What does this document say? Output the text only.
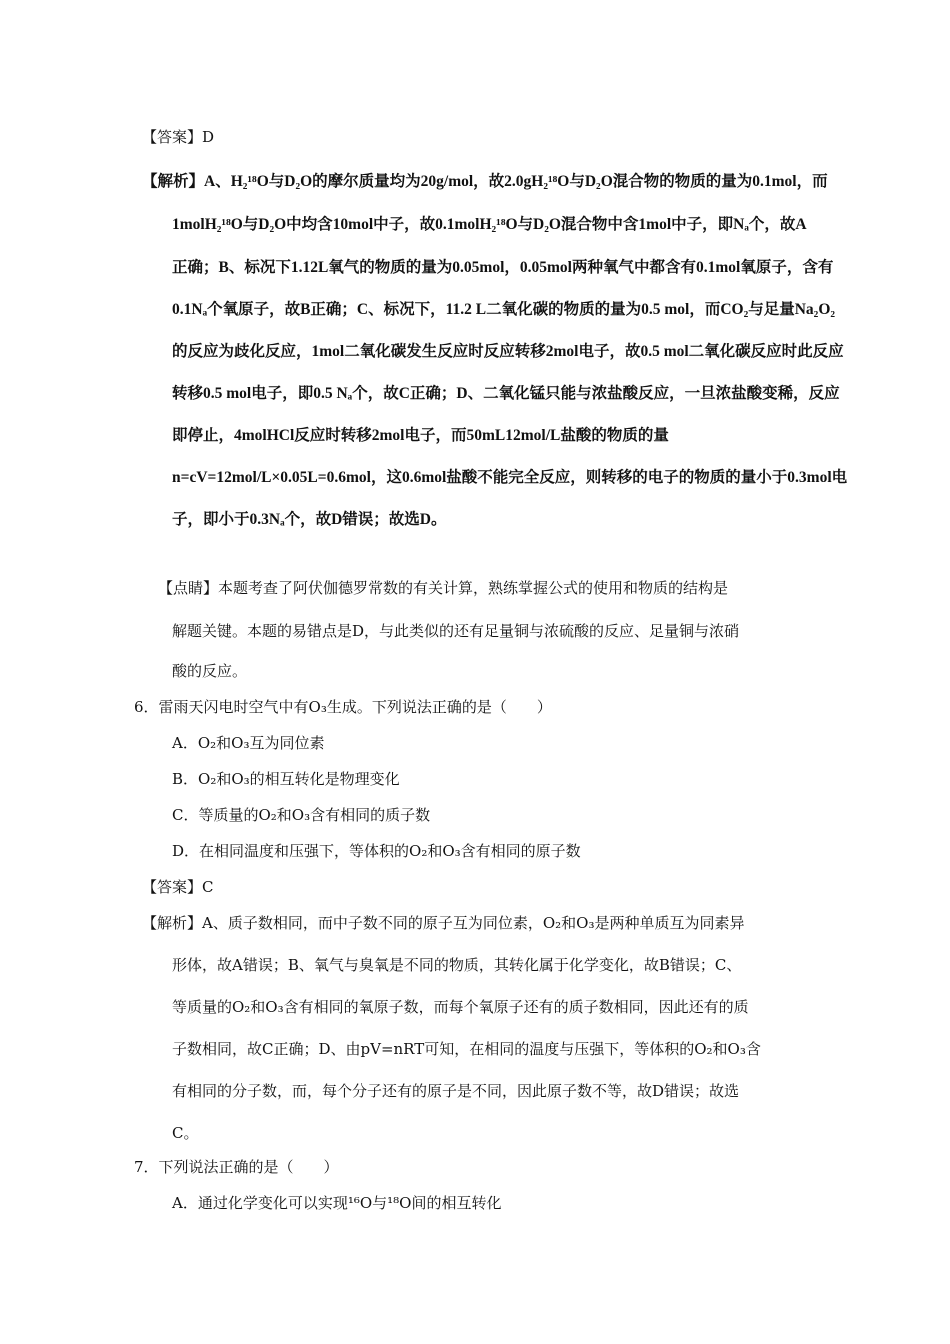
【答案】D
【解析】A、H₂¹⁸O与D₂O的摩尔质量均为20g/mol，故2.0gH₂¹⁸O与D₂O混合物的物质的量为0.1mol，而
1molH₂¹⁸O与D₂O中均含10mol中子，故0.1molH₂¹⁸O与D₂O混合物中含1mol中子，即Nₐ个，故A
正确；B、标况下1.12L氧气的物质的量为0.05mol，0.05mol两种氧气中都含有0.1mol氧原子，含有
0.1Nₐ个氧原子，故B正确；C、标况下，11.2 L二氧化碳的物质的量为0.5 mol，而CO₂与足量Na₂O₂
的反应为歧化反应，1mol二氧化碳发生反应时反应转移2mol电子，故0.5 mol二氧化碳反应时此反应
转移0.5 mol电子，即0.5 Nₐ个，故C正确；D、二氧化锰只能与浓盐酸反应，一旦浓盐酸变稀，反应
即停止，4molHCl反应时转移2mol电子，而50mL12mol/L盐酸的物质的量
n=cV=12mol/L×0.05L=0.6mol，这0.6mol盐酸不能完全反应，则转移的电子的物质的量小于0.3mol电
子，即小于0.3Nₐ个，故D错误；故选D。
【点睛】本题考查了阿伏伽德罗常数的有关计算，熟练掌握公式的使用和物质的结构是
解题关键。本题的易错点是D，与此类似的还有足量铜与浓硫酸的反应、足量铜与浓硝
酸的反应。
6．雷雨天闪电时空气中有O₃生成。下列说法正确的是（　　）
A．O₂和O₃互为同位素
B．O₂和O₃的相互转化是物理变化
C．等质量的O₂和O₃含有相同的质子数
D．在相同温度和压强下，等体积的O₂和O₃含有相同的原子数
【答案】C
【解析】A、质子数相同，而中子数不同的原子互为同位素，O₂和O₃是两种单质互为同素异
形体，故A错误；B、氧气与臭氧是不同的物质，其转化属于化学变化，故B错误；C、
等质量的O₂和O₃含有相同的氧原子数，而每个氧原子还有的质子数相同，因此还有的质
子数相同，故C正确；D、由pV=nRT可知，在相同的温度与压强下，等体积的O₂和O₃含
有相同的分子数，而，每个分子还有的原子是不同，因此原子数不等，故D错误；故选
C。
7．下列说法正确的是（　　）
A．通过化学变化可以实现¹⁶O与¹⁸O间的相互转化
